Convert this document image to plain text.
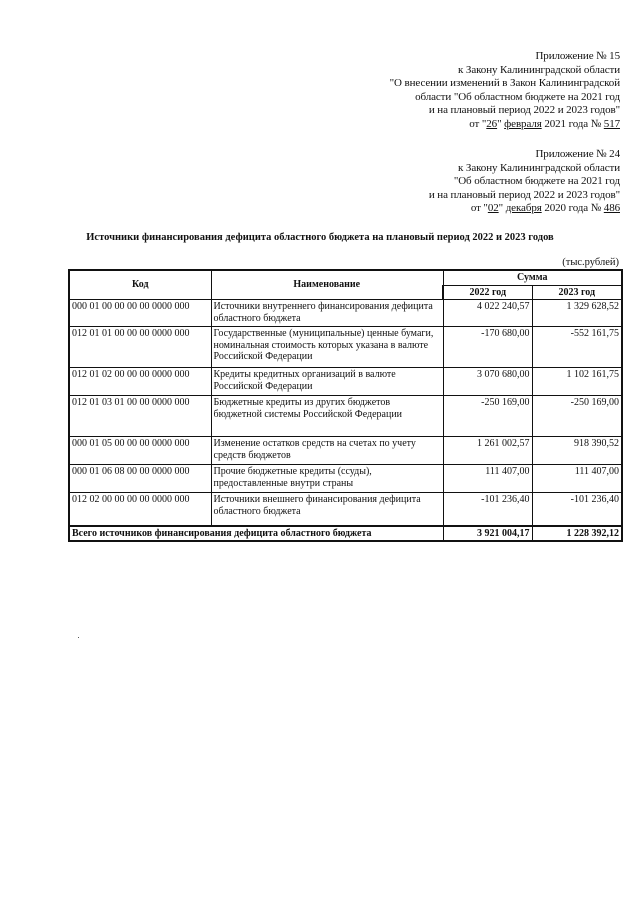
Приложение № 15
к Закону Калининградской области
"О внесении изменений в Закон Калининградской
области "Об областном бюджете на 2021 год
и на плановый период 2022 и 2023 годов"
от "26" февраля 2021 года № 517
Приложение № 24
к Закону Калининградской области
"Об областном бюджете на 2021 год
и на плановый период 2022 и 2023 годов"
от "02" декабря 2020 года № 486
Источники финансирования дефицита областного бюджета на плановый период 2022 и 2023 годов
(тыс.рублей)
Код	Наименование	Сумма	
		2022 год	2023 год
000 01 00 00 00 00 0000 000	Источники внутреннего финансирования дефицита областного бюджета	4 022 240,57	1 329 628,52
012 01 01 00 00 00 0000 000	Государственные (муниципальные) ценные бумаги, номинальная стоимость которых указана в валюте Российской Федерации	-170 680,00	-552 161,75
012 01 02 00 00 00 0000 000	Кредиты кредитных организаций в валюте Российской Федерации	3 070 680,00	1 102 161,75
012 01 03 01 00 00 0000 000	Бюджетные кредиты из других бюджетов бюджетной системы Российской Федерации	-250 169,00	-250 169,00
000 01 05 00 00 00 0000 000	Изменение остатков средств на счетах по учету средств бюджетов	1 261 002,57	918 390,52
000 01 06 08 00 00 0000 000	Прочие бюджетные кредиты (ссуды), предоставленные внутри страны	111 407,00	111 407,00
012 02 00 00 00 00 0000 000	Источники внешнего финансирования дефицита областного бюджета	-101 236,40	-101 236,40
Всего источников финансирования дефицита областного бюджета		3 921 004,17	1 228 392,12
